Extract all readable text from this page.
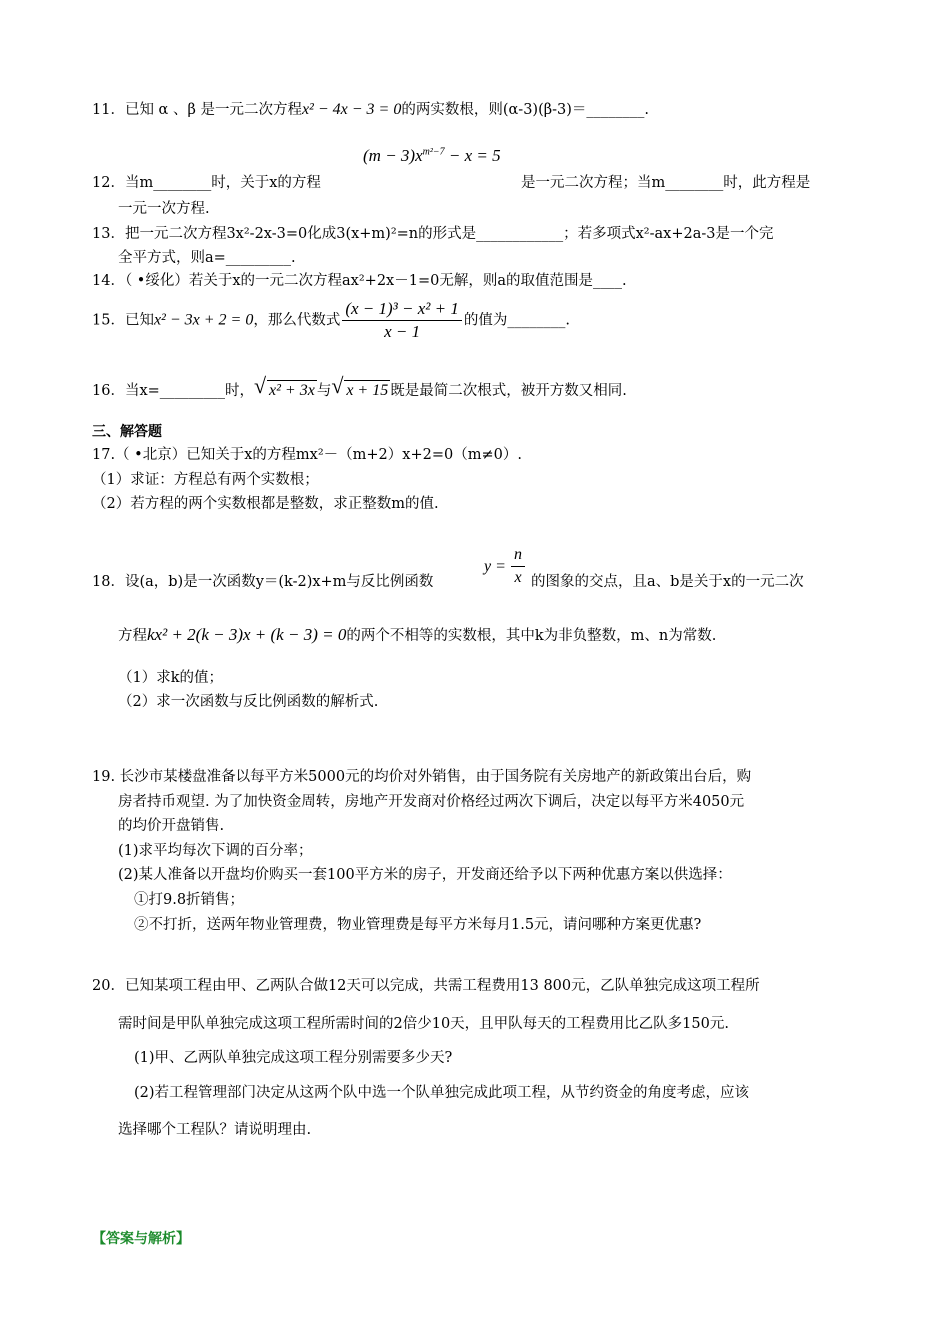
11．已知 α 、β 是一元二次方程x² − 4x − 3 = 0的两实数根，则(α-3)(β-3)＝________.
$(m - 3)x^{m^2-7} - x = 5$
12．当m________时，关于x的方程	是一元二次方程；当m________时，此方程是
一元一次方程.
13．把一元二次方程3x²-2x-3=0化成3(x+m)²=n的形式是____________；若多项式x²-ax+2a-3是一个完
全平方式，则a=_________.
14．（ •绥化）若关于x的一元二次方程ax²+2x－1=0无解，则a的取值范围是____.
15．已知x² − 3x + 2 = 0，那么代数式 $\frac{\text{(x − 1)³ − x² + 1}}{x - 1}$ 的值为________.
16．当x=_________时， √ x² + 3x 与 √ x + 15 既是最简二次根式，被开方数又相同.
三、解答题
17.（ •北京）已知关于x的方程mx²－（m+2）x+2=0（m≠0）.
（1）求证：方程总有两个实数根；
（2）若方程的两个实数根都是整数，求正整数m的值.
$y = \frac{n}{x}$
18．设(a，b)是一次函数y＝(k-2)x+m与反比例函数	的图象的交点，且a、b是关于x的一元二次
方程kx² + 2(k − 3)x + (k − 3) = 0的两个不相等的实数根，其中k为非负整数，m、n为常数.
（1）求k的值；
（2）求一次函数与反比例函数的解析式.
19. 长沙市某楼盘准备以每平方米5000元的均价对外销售，由于国务院有关房地产的新政策出台后，购
房者持币观望. 为了加快资金周转，房地产开发商对价格经过两次下调后，决定以每平方米4050元
的均价开盘销售.
(1)求平均每次下调的百分率；
(2)某人准备以开盘均价购买一套100平方米的房子，开发商还给予以下两种优惠方案以供选择：
①打9.8折销售；
②不打折，送两年物业管理费，物业管理费是每平方米每月1.5元，请问哪种方案更优惠?
20．已知某项工程由甲、乙两队合做12天可以完成，共需工程费用13 800元，乙队单独完成这项工程所
需时间是甲队单独完成这项工程所需时间的2倍少10天，且甲队每天的工程费用比乙队多150元.
(1)甲、乙两队单独完成这项工程分别需要多少天?
(2)若工程管理部门决定从这两个队中选一个队单独完成此项工程，从节约资金的角度考虑，应该
选择哪个工程队？请说明理由.
【答案与解析】
